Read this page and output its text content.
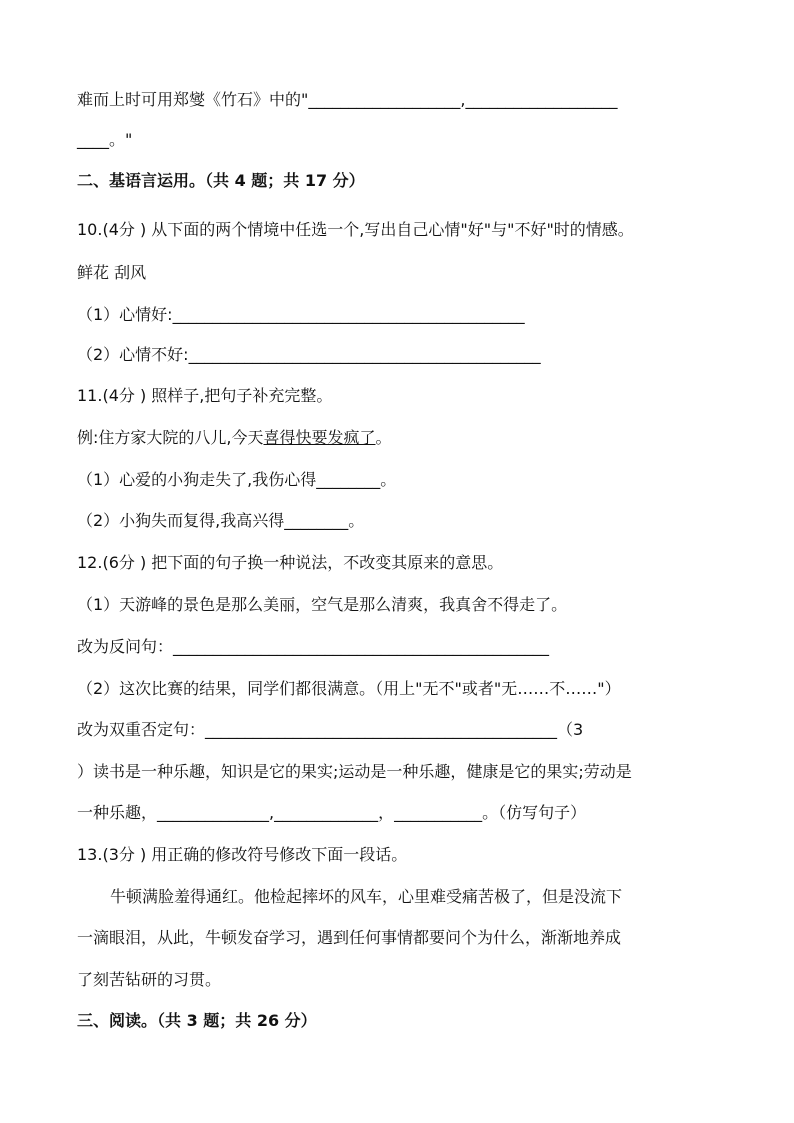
难而上时可用郑燮《竹石》中的"___________________,___________________
____。"
二、基语言运用。（共 4 题；共 17 分）
10.(4分 ) 从下面的两个情境中任选一个,写出自己心情"好"与"不好"时的情感。
鲜花 刮风
（1）心情好:____________________________________________
（2）心情不好:____________________________________________
11.(4分 ) 照样子,把句子补充完整。
例:住方家大院的八儿,今天喜得快要发疯了。
（1）心爱的小狗走失了,我伤心得________。
（2）小狗失而复得,我高兴得________。
12.(6分 ) 把下面的句子换一种说法，不改变其原来的意思。
（1）天游峰的景色是那么美丽，空气是那么清爽，我真舍不得走了。
改为反问句：_______________________________________________
（2）这次比赛的结果，同学们都很满意。（用上"无不"或者"无……不……"）
改为双重否定句：____________________________________________（3
）读书是一种乐趣，知识是它的果实;运动是一种乐趣，健康是它的果实;劳动是
一种乐趣，______________,_____________，___________。（仿写句子）
13.(3分 ) 用正确的修改符号修改下面一段话。
牛顿满脸羞得通红。他检起摔坏的风车，心里难受痛苦极了，但是没流下
一滴眼泪，从此，牛顿发奋学习，遇到任何事情都要问个为什么，渐渐地养成
了刻苦钻研的习贯。
三、阅读。（共 3 题；共 26 分）
